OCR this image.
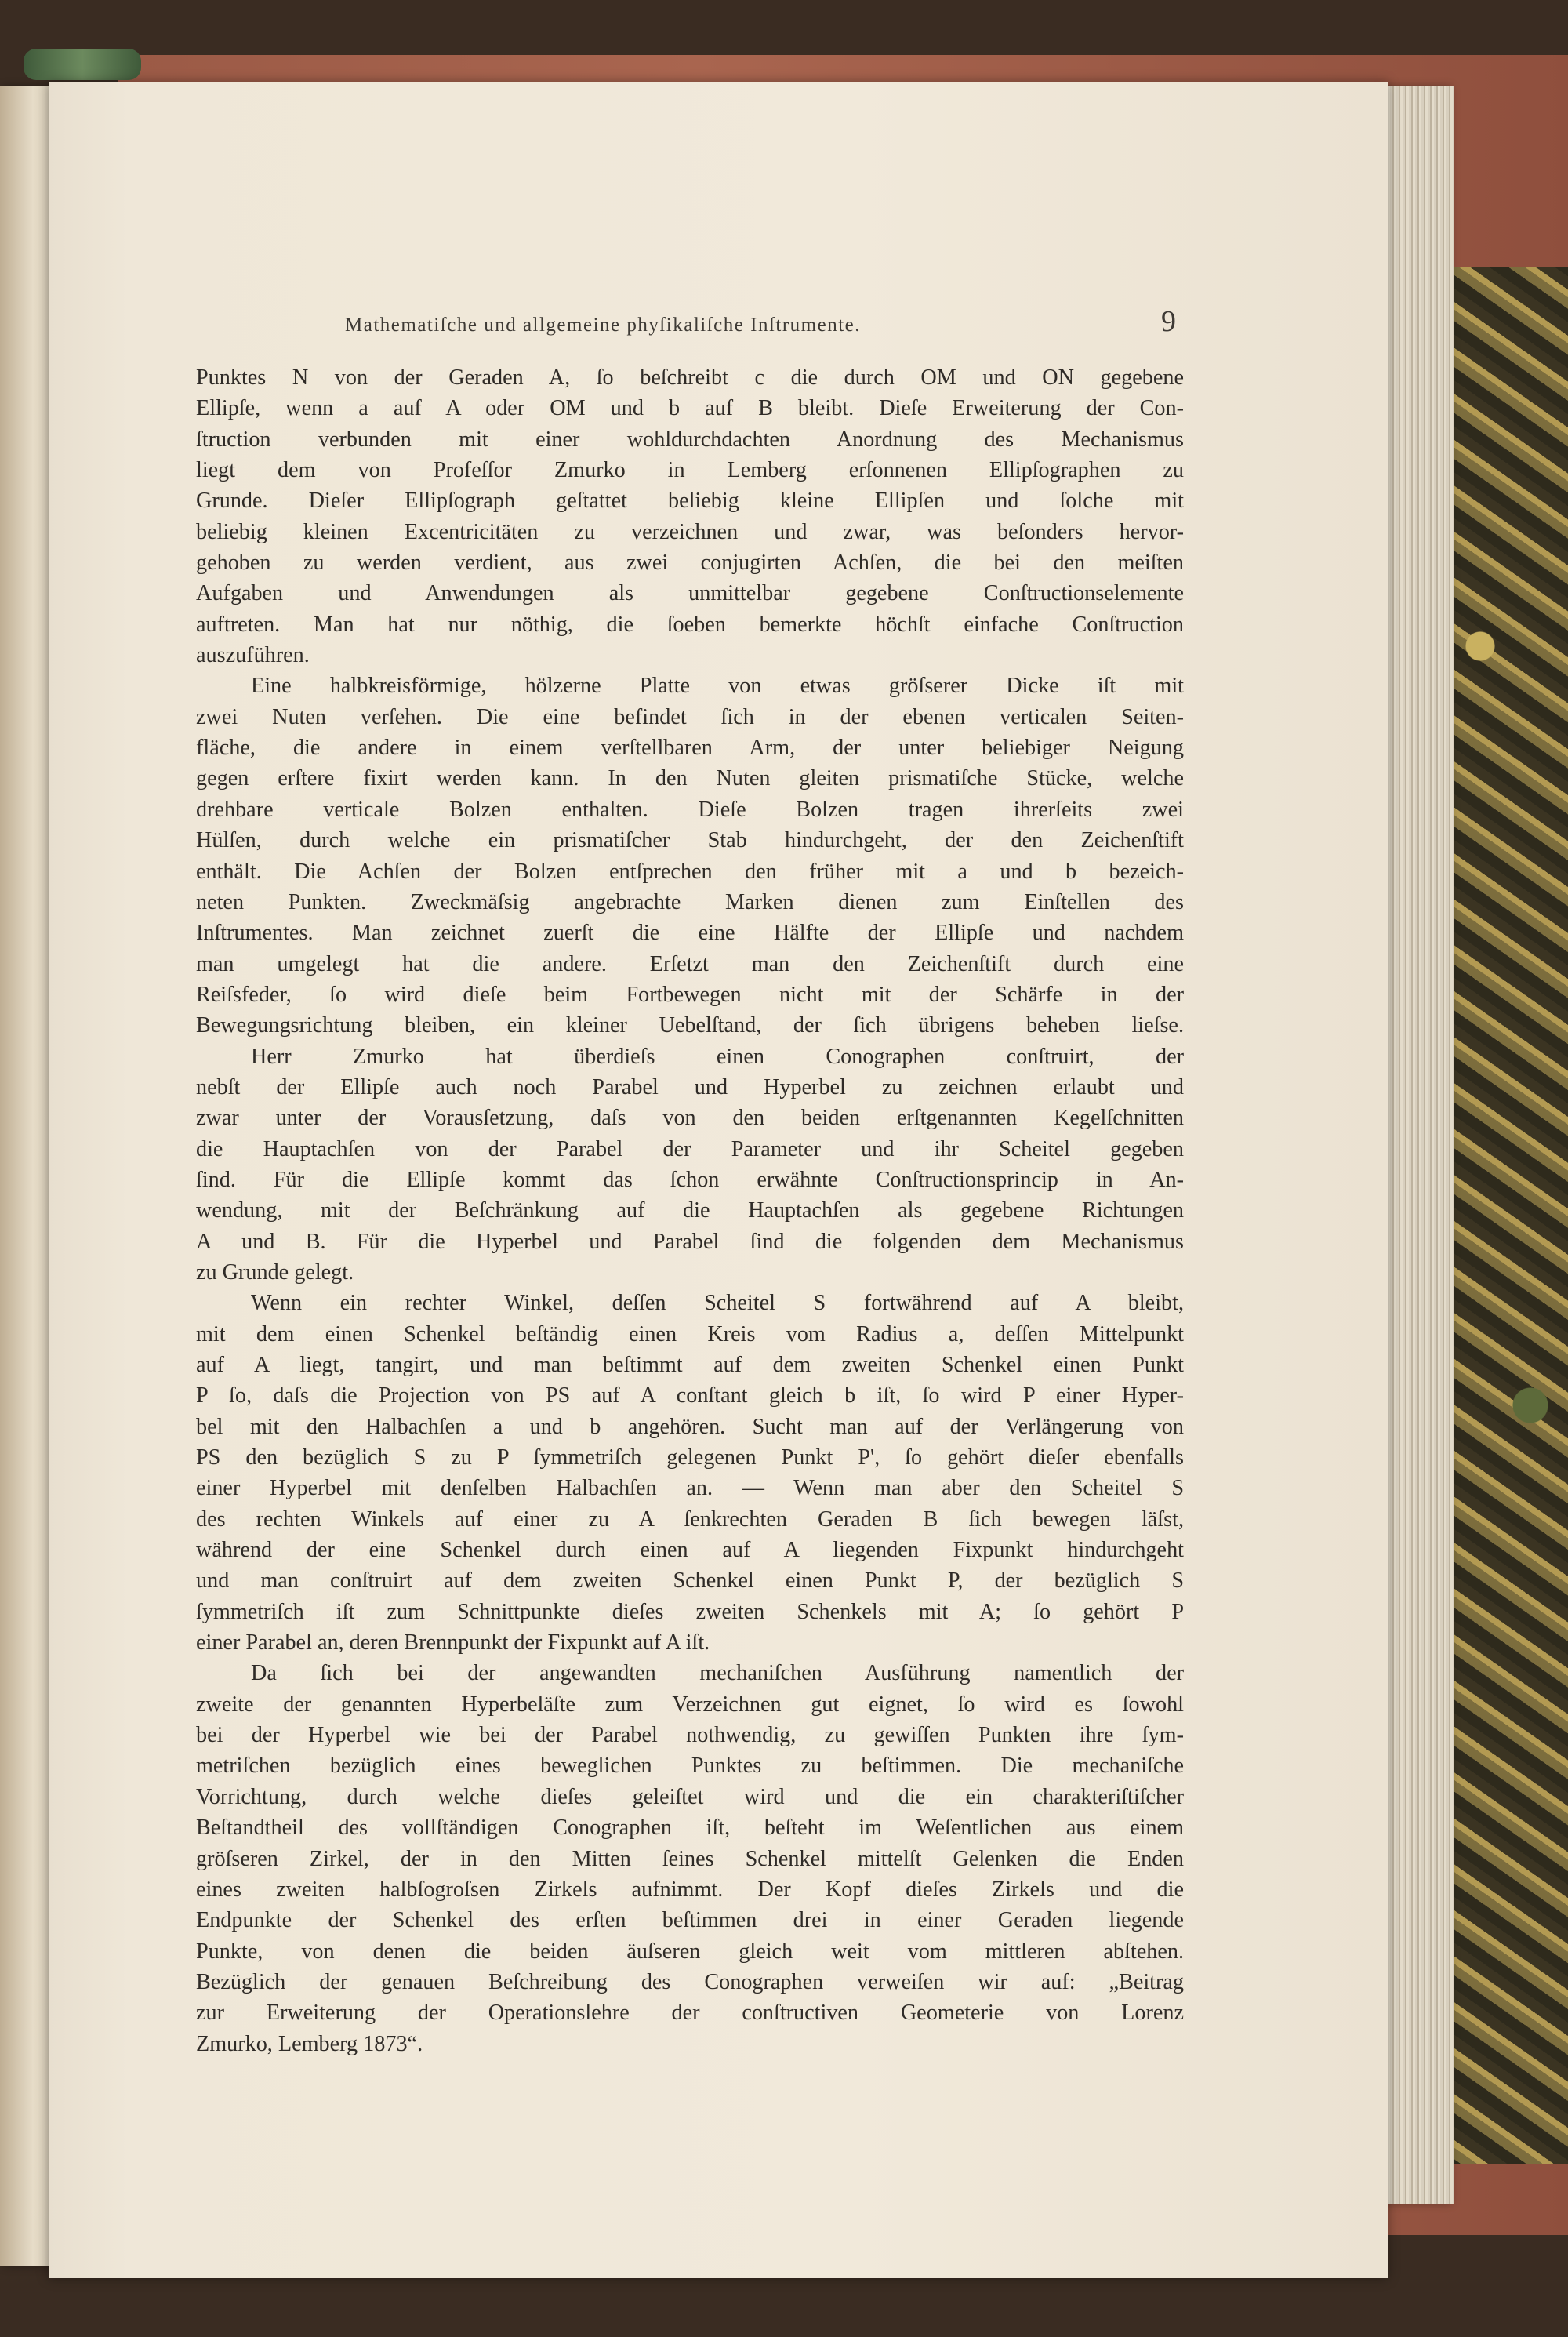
Mathematiſche und allgemeine phyſikaliſche Inſtrumente.	9
Punktes N von der Geraden A, ſo beſchreibt c die durch OM und ON gegebene
Ellipſe, wenn a auf A oder OM und b auf B bleibt. Dieſe Erweiterung der Con-
ſtruction verbunden mit einer wohldurchdachten Anordnung des Mechanismus
liegt dem von Profeſſor Zmurko in Lemberg erſonnenen Ellipſographen zu
Grunde. Dieſer Ellipſograph geſtattet beliebig kleine Ellipſen und ſolche mit
beliebig kleinen Excentricitäten zu verzeichnen und zwar, was beſonders hervor-
gehoben zu werden verdient, aus zwei conjugirten Achſen, die bei den meiſten
Aufgaben und Anwendungen als unmittelbar gegebene Conſtructionselemente
auftreten. Man hat nur nöthig, die ſoeben bemerkte höchſt einfache Conſtruction
auszuführen.
Eine halbkreisförmige, hölzerne Platte von etwas gröſserer Dicke iſt mit
zwei Nuten verſehen. Die eine befindet ſich in der ebenen verticalen Seiten-
fläche, die andere in einem verſtellbaren Arm, der unter beliebiger Neigung
gegen erſtere fixirt werden kann. In den Nuten gleiten prismatiſche Stücke, welche
drehbare verticale Bolzen enthalten. Dieſe Bolzen tragen ihrerſeits zwei
Hülſen, durch welche ein prismatiſcher Stab hindurchgeht, der den Zeichenſtift
enthält. Die Achſen der Bolzen entſprechen den früher mit a und b bezeich-
neten Punkten. Zweckmäſsig angebrachte Marken dienen zum Einſtellen des
Inſtrumentes. Man zeichnet zuerſt die eine Hälfte der Ellipſe und nachdem
man umgelegt hat die andere. Erſetzt man den Zeichenſtift durch eine
Reiſsfeder, ſo wird dieſe beim Fortbewegen nicht mit der Schärfe in der
Bewegungsrichtung bleiben, ein kleiner Uebelſtand, der ſich übrigens beheben lieſse.
Herr Zmurko hat überdieſs einen Conographen conſtruirt, der
nebſt der Ellipſe auch noch Parabel und Hyperbel zu zeichnen erlaubt und
zwar unter der Vorausſetzung, daſs von den beiden erſtgenannten Kegelſchnitten
die Hauptachſen von der Parabel der Parameter und ihr Scheitel gegeben
ſind. Für die Ellipſe kommt das ſchon erwähnte Conſtructionsprincip in An-
wendung, mit der Beſchränkung auf die Hauptachſen als gegebene Richtungen
A und B. Für die Hyperbel und Parabel ſind die folgenden dem Mechanismus
zu Grunde gelegt.
Wenn ein rechter Winkel, deſſen Scheitel S fortwährend auf A bleibt,
mit dem einen Schenkel beſtändig einen Kreis vom Radius a, deſſen Mittelpunkt
auf A liegt, tangirt, und man beſtimmt auf dem zweiten Schenkel einen Punkt
P ſo, daſs die Projection von PS auf A conſtant gleich b iſt, ſo wird P einer Hyper-
bel mit den Halbachſen a und b angehören. Sucht man auf der Verlängerung von
PS den bezüglich S zu P ſymmetriſch gelegenen Punkt P', ſo gehört dieſer ebenfalls
einer Hyperbel mit denſelben Halbachſen an. — Wenn man aber den Scheitel S
des rechten Winkels auf einer zu A ſenkrechten Geraden B ſich bewegen läſst,
während der eine Schenkel durch einen auf A liegenden Fixpunkt hindurchgeht
und man conſtruirt auf dem zweiten Schenkel einen Punkt P, der bezüglich S
ſymmetriſch iſt zum Schnittpunkte dieſes zweiten Schenkels mit A; ſo gehört P
einer Parabel an, deren Brennpunkt der Fixpunkt auf A iſt.
Da ſich bei der angewandten mechaniſchen Ausführung namentlich der
zweite der genannten Hyperbeläſte zum Verzeichnen gut eignet, ſo wird es ſowohl
bei der Hyperbel wie bei der Parabel nothwendig, zu gewiſſen Punkten ihre ſym-
metriſchen bezüglich eines beweglichen Punktes zu beſtimmen. Die mechaniſche
Vorrichtung, durch welche dieſes geleiſtet wird und die ein charakteriſtiſcher
Beſtandtheil des vollſtändigen Conographen iſt, beſteht im Weſentlichen aus einem
gröſseren Zirkel, der in den Mitten ſeines Schenkel mittelſt Gelenken die Enden
eines zweiten halbſogroſsen Zirkels aufnimmt. Der Kopf dieſes Zirkels und die
Endpunkte der Schenkel des erſten beſtimmen drei in einer Geraden liegende
Punkte, von denen die beiden äuſseren gleich weit vom mittleren abſtehen.
Bezüglich der genauen Beſchreibung des Conographen verweiſen wir auf: „Beitrag
zur Erweiterung der Operationslehre der conſtructiven Geometerie von Lorenz
Zmurko, Lemberg 1873“.
